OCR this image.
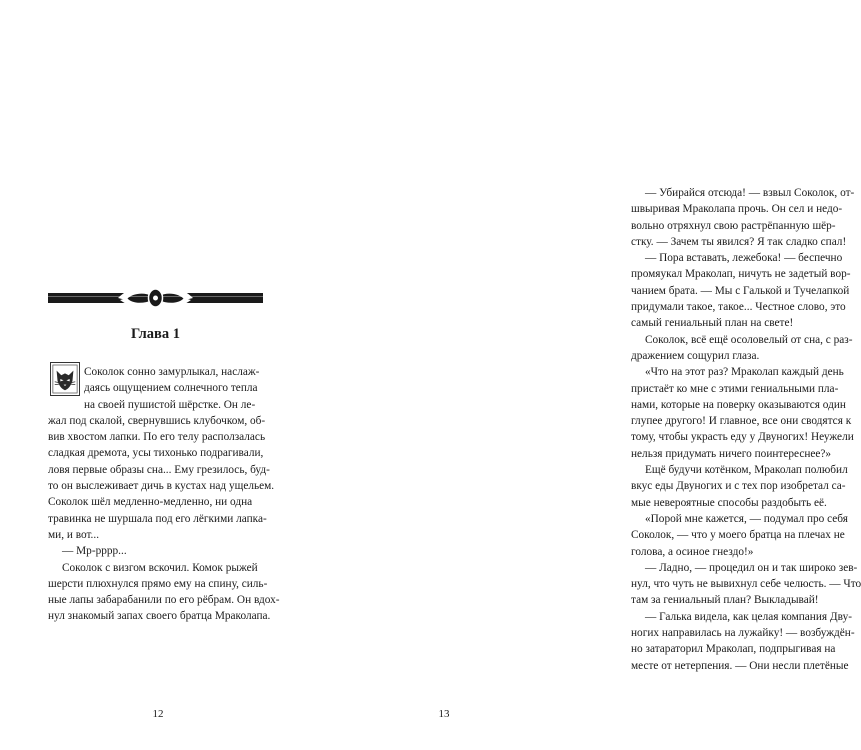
Глава 1

Соколок сонно замурлыкал, наслаж-

даясь ощущением солнечного тепла

на своей пушистой шёрстке. Он ле-

жал под скалой, свернувшись клубочком, об-

вив хвостом лапки. По его телу расползалась

сладкая дремота, усы тихонько подрагивали,

ловя первые образы сна... Ему грезилось, буд-

то он выслеживает дичь в кустах над ущельем.

Соколок шёл медленно-медленно, ни одна

травинка не шуршала под его лёгкими лапка-

ми, и вот...

— Мр-рррр...

Соколок с визгом вскочил. Комок рыжей

шерсти плюхнулся прямо ему на спину, силь-

ные лапы забарабанили по его рёбрам. Он вдох-

нул знакомый запах своего братца Мраколапа.

12

— Убирайся отсюда! — взвыл Соколок, от-

швыривая Мраколапа прочь. Он сел и недо-

вольно отряхнул свою растрёпанную шёр-

стку. — Зачем ты явился? Я так сладко спал!

— Пора вставать, лежебока! — беспечно

промяукал Мраколап, ничуть не задетый вор-

чанием брата. — Мы с Галькой и Тучелапкой

придумали такое, такое... Честное слово, это

самый гениальный план на свете!

Соколок, всё ещё осоловелый от сна, с раз-

дражением сощурил глаза.

«Что на этот раз? Мраколап каждый день

пристаёт ко мне с этими гениальными пла-

нами, которые на поверку оказываются один

глупее другого! И главное, все они сводятся к

тому, чтобы украсть еду у Двуногих! Неужели

нельзя придумать ничего поинтереснее?»

Ещё будучи котёнком, Мраколап полюбил

вкус еды Двуногих и с тех пор изобретал са-

мые невероятные способы раздобыть её.

«Порой мне кажется, — подумал про себя

Соколок, — что у моего братца на плечах не

голова, а осиное гнездо!»

— Ладно, — процедил он и так широко зев-

нул, что чуть не вывихнул себе челюсть. — Что

там за гениальный план? Выкладывай!

— Галька видела, как целая компания Дву-

ногих направилась на лужайку! — возбуждён-

но затараторил Мраколап, подпрыгивая на

месте от нетерпения. — Они несли плетёные

13
